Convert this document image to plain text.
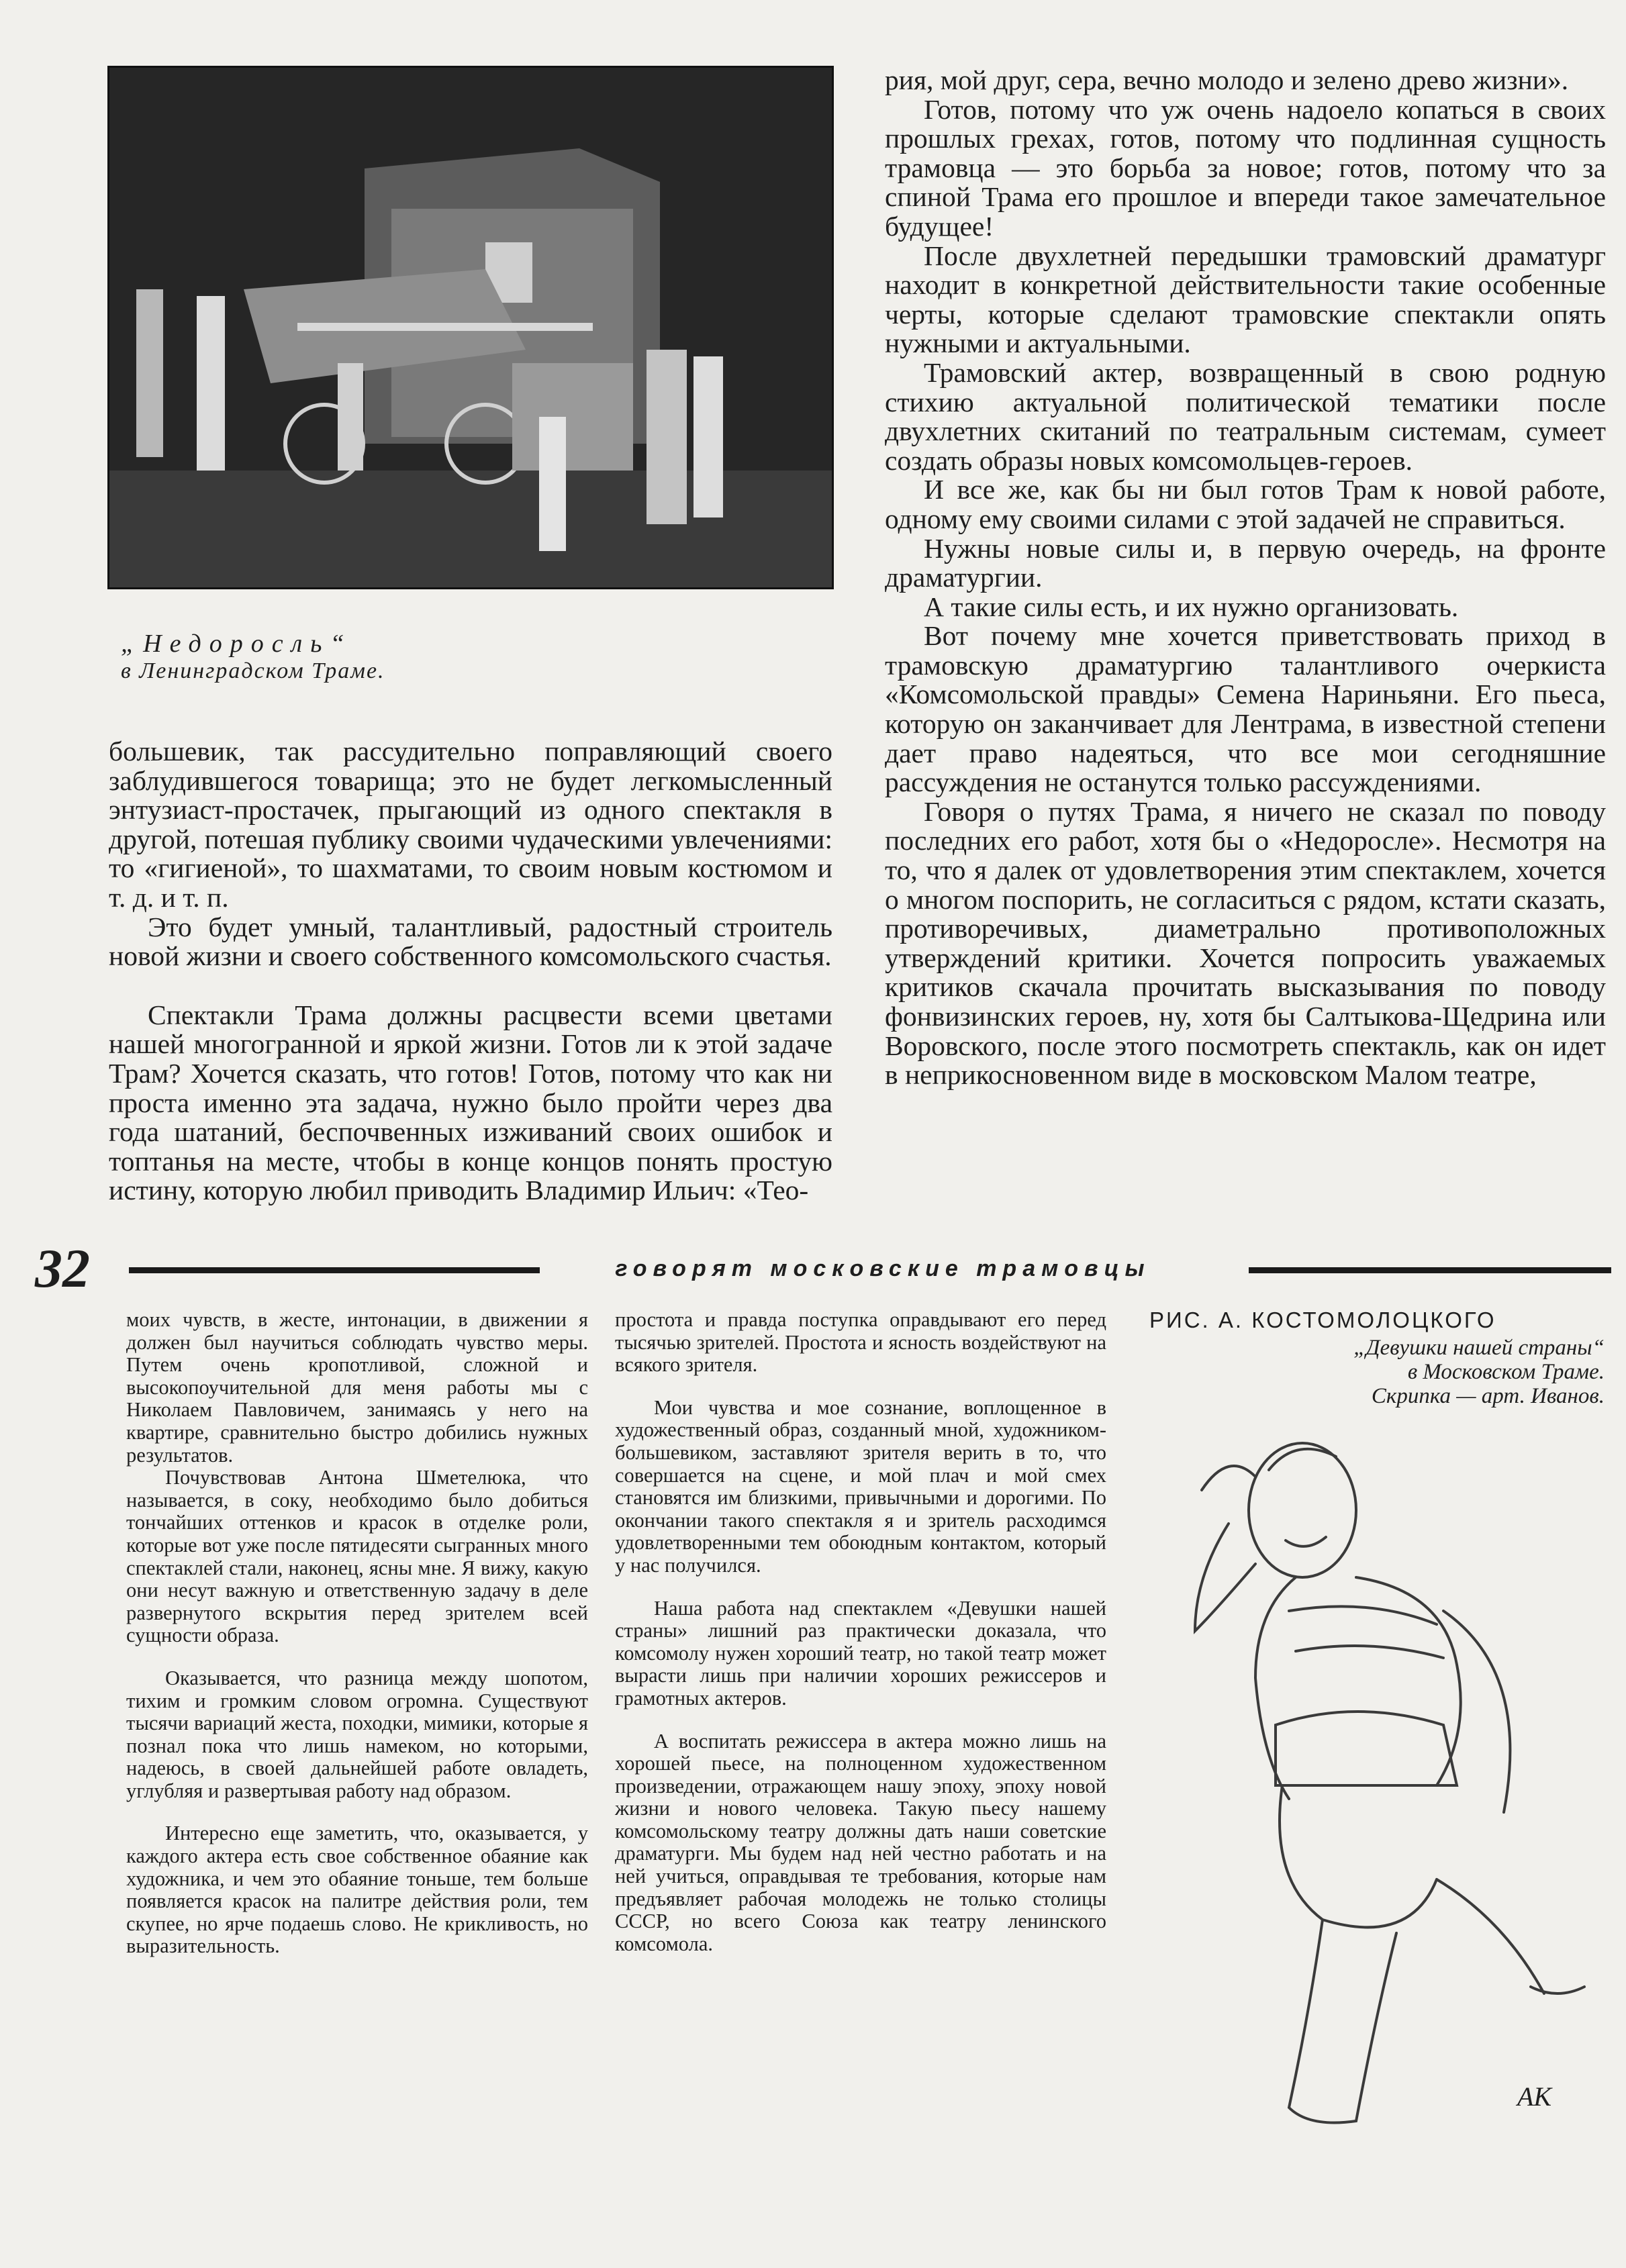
„Недоросль“
в Ленинградском Траме.

большевик, так рассудительно поправляющий своего заблудившегося товарища; это не будет легкомысленный энтузиаст-простачек, прыгающий из одного спектакля в другой, потешая публику своими чудаческими увлечениями: то «гигиеной», то шахматами, то своим новым костюмом и т. д. и т. п.

Это будет умный, талантливый, радостный строитель новой жизни и своего собственного комсомольского счастья.

Спектакли Трама должны расцвести всеми цветами нашей многогранной и яркой жизни. Готов ли к этой задаче Трам? Хочется сказать, что готов! Готов, потому что как ни проста именно эта задача, нужно было пройти через два года шатаний, беспочвенных изживаний своих ошибок и топтанья на месте, чтобы в конце концов понять простую истину, которую любил приводить Владимир Ильич: «Тео-

рия, мой друг, сера, вечно молодо и зелено древо жизни».

Готов, потому что уж очень надоело копаться в своих прошлых грехах, готов, потому что подлинная сущность трамовца — это борьба за новое; готов, потому что за спиной Трама его прошлое и впереди такое замечательное будущее!

После двухлетней передышки трамовский драматург находит в конкретной действительности такие особенные черты, которые сделают трамовские спектакли опять нужными и актуальными.

Трамовский актер, возвращенный в свою родную стихию актуальной политической тематики после двухлетних скитаний по театральным системам, сумеет создать образы новых комсомольцев-героев.

И все же, как бы ни был готов Трам к новой работе, одному ему своими силами с этой задачей не справиться.

Нужны новые силы и, в первую очередь, на фронте драматургии.

А такие силы есть, и их нужно организовать.

Вот почему мне хочется приветствовать приход в трамовскую драматургию талантливого очеркиста «Комсомольской правды» Семена Нариньяни. Его пьеса, которую он заканчивает для Лентрама, в известной степени дает право надеяться, что все мои сегодняшние рассуждения не останутся только рассуждениями.

Говоря о путях Трама, я ничего не сказал по поводу последних его работ, хотя бы о «Недоросле». Несмотря на то, что я далек от удовлетворения этим спектаклем, хочется о многом поспорить, не согласиться с рядом, кстати сказать, противоречивых, диаметрально противоположных утверждений критики. Хочется попросить уважаемых критиков скачала прочитать высказывания по поводу фонвизинских героев, ну, хотя бы Салтыкова-Щедрина или Воровского, после этого посмотреть спектакль, как он идет в неприкосновенном виде в московском Малом театре,

32	говорят московские трамовцы

моих чувств, в жесте, интонации, в движении я должен был научиться соблюдать чувство меры. Путем очень кропотливой, сложной и высокопоучительной для меня работы мы с Николаем Павловичем, занимаясь у него на квартире, сравнительно быстро добились нужных результатов.

Почувствовав Антона Шметелюка, что называется, в соку, необходимо было добиться тончайших оттенков и красок в отделке роли, которые вот уже после пятидесяти сыгранных много спектаклей стали, наконец, ясны мне. Я вижу, какую они несут важную и ответственную задачу в деле развернутого вскрытия перед зрителем всей сущности образа.

Оказывается, что разница между шопотом, тихим и громким словом огромна. Существуют тысячи вариаций жеста, походки, мимики, которые я познал пока что лишь намеком, но которыми, надеюсь, в своей дальнейшей работе овладеть, углубляя и развертывая работу над образом.

Интересно еще заметить, что, оказывается, у каждого актера есть свое собственное обаяние как художника, и чем это обаяние тоньше, тем больше появляется красок на палитре действия роли, тем скупее, но ярче подаешь слово. Не крикливость, но выразительность.

простота и правда поступка оправдывают его перед тысячью зрителей. Простота и ясность воздействуют на всякого зрителя.

Мои чувства и мое сознание, воплощенное в художественный образ, созданный мной, художником-большевиком, заставляют зрителя верить в то, что совершается на сцене, и мой плач и мой смех становятся им близкими, привычными и дорогими. По окончании такого спектакля я и зритель расходимся удовлетворенными тем обоюдным контактом, который у нас получился.

Наша работа над спектаклем «Девушки нашей страны» лишний раз практически доказала, что комсомолу нужен хороший театр, но такой театр может вырасти лишь при наличии хороших режиссеров и грамотных актеров.

А воспитать режиссера в актера можно лишь на хорошей пьесе, на полноценном художественном произведении, отражающем нашу эпоху, эпоху новой жизни и нового человека. Такую пьесу нашему комсомольскому театру должны дать наши советские драматурги. Мы будем над ней честно работать и на ней учиться, оправдывая те требования, которые нам предъявляет рабочая молодежь не только столицы СССР, но всего Союза как театру ленинского комсомола.

РИС. А. КОСТОМОЛОЦКОГО
„Девушки нашей страны“
в Московском Траме.
Скрипка — арт. Иванов.
AK
